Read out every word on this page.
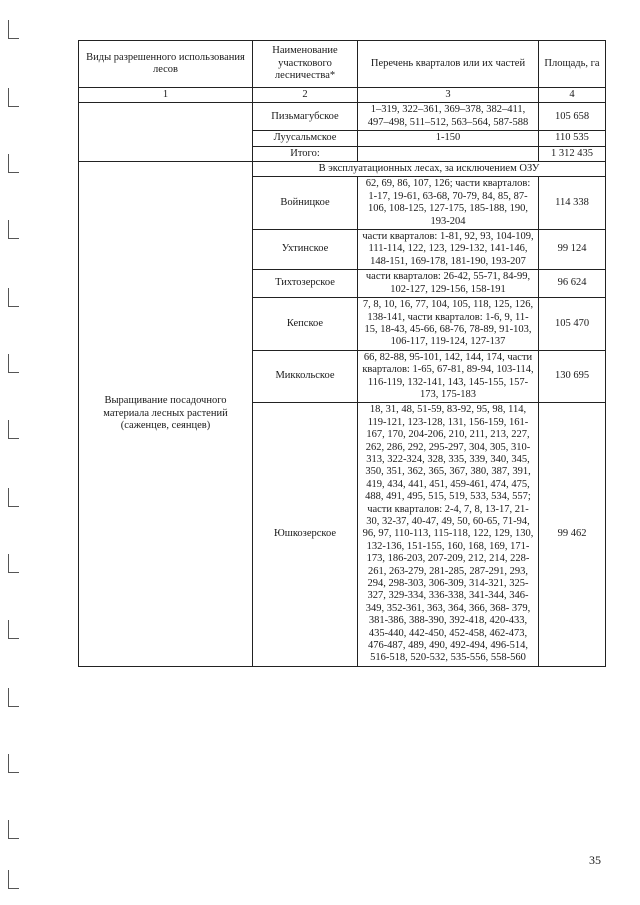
Виды разрешенного использования лесов	Наименование участкового лесничества*	Перечень кварталов или их частей	Площадь, га
1	2	3	4
	Пизьмагубское	1–319, 322–361, 369–378, 382–411, 497–498, 511–512, 563–564, 587-588	105 658
	Луусальмское	1-150	110 535
	Итого:		1 312 435
Выращивание посадочного материала лесных растений (саженцев, сеянцев)	В эксплуатационных лесах, за исключением ОЗУ		
	Войницкое	62, 69, 86, 107, 126; части кварталов: 1-17, 19-61, 63-68, 70-79, 84, 85, 87-106, 108-125, 127-175, 185-188, 190, 193-204	114 338
	Ухтинское	части кварталов: 1-81, 92, 93, 104-109, 111-114, 122, 123, 129-132, 141-146, 148-151, 169-178, 181-190, 193-207	99 124
	Тихтозерское	части кварталов: 26-42, 55-71, 84-99, 102-127, 129-156, 158-191	96 624
	Кепское	7, 8, 10, 16, 77, 104, 105, 118, 125, 126, 138-141, части кварталов: 1-6, 9, 11-15, 18-43, 45-66, 68-76, 78-89, 91-103, 106-117, 119-124, 127-137	105 470
	Миккольское	66, 82-88, 95-101, 142, 144, 174, части кварталов: 1-65, 67-81, 89-94, 103-114, 116-119, 132-141, 143, 145-155, 157-173, 175-183	130 695
	Юшкозерское	18, 31, 48, 51-59, 83-92, 95, 98, 114, 119-121, 123-128, 131, 156-159, 161-167, 170, 204-206, 210, 211, 213, 227, 262, 286, 292, 295-297, 304, 305, 310-313, 322-324, 328, 335, 339, 340, 345, 350, 351, 362, 365, 367, 380, 387, 391, 419, 434, 441, 451, 459-461, 474, 475, 488, 491, 495, 515, 519, 533, 534, 557; части кварталов: 2-4, 7, 8, 13-17, 21-30, 32-37, 40-47, 49, 50, 60-65, 71-94, 96, 97, 110-113, 115-118, 122, 129, 130, 132-136, 151-155, 160, 168, 169, 171-173, 186-203, 207-209, 212, 214, 228-261, 263-279, 281-285, 287-291, 293, 294, 298-303, 306-309, 314-321, 325-327, 329-334, 336-338, 341-344, 346-349, 352-361, 363, 364, 366, 368- 379, 381-386, 388-390, 392-418, 420-433, 435-440, 442-450, 452-458, 462-473, 476-487, 489, 490, 492-494, 496-514, 516-518, 520-532, 535-556, 558-560	99 462
35
